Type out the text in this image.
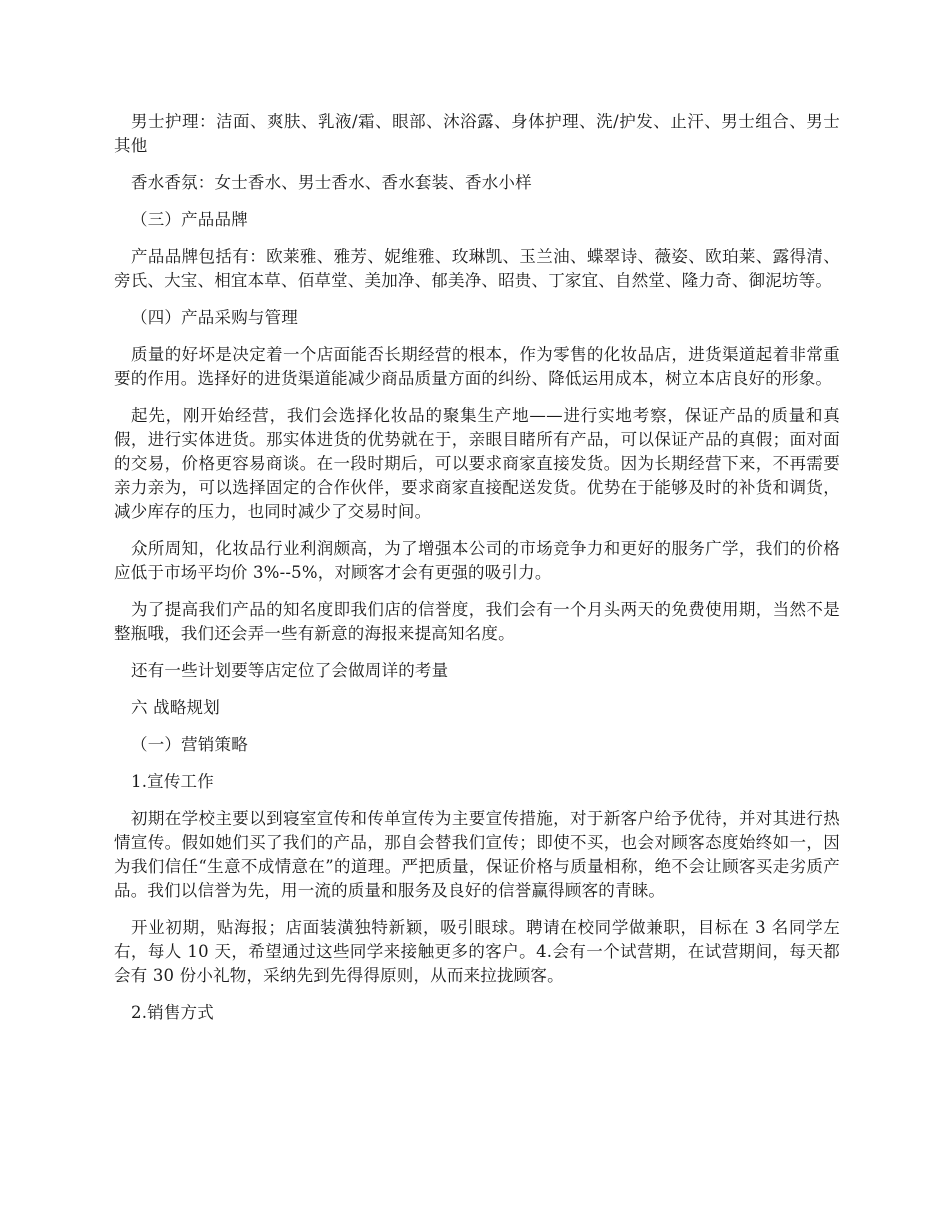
男士护理：洁面、爽肤、乳液/霜、眼部、沐浴露、身体护理、洗/护发、止汗、男士组合、男士其他

香水香氛：女士香水、男士香水、香水套装、香水小样

（三）产品品牌

产品品牌包括有：欧莱雅、雅芳、妮维雅、玫琳凯、玉兰油、蝶翠诗、薇姿、欧珀莱、露得清、旁氏、大宝、相宜本草、佰草堂、美加净、郁美净、昭贵、丁家宜、自然堂、隆力奇、御泥坊等。

（四）产品采购与管理

质量的好坏是决定着一个店面能否长期经营的根本，作为零售的化妆品店，进货渠道起着非常重要的作用。选择好的进货渠道能减少商品质量方面的纠纷、降低运用成本，树立本店良好的形象。

起先，刚开始经营，我们会选择化妆品的聚集生产地——进行实地考察，保证产品的质量和真假，进行实体进货。那实体进货的优势就在于，亲眼目睹所有产品，可以保证产品的真假；面对面的交易，价格更容易商谈。在一段时期后，可以要求商家直接发货。因为长期经营下来，不再需要亲力亲为，可以选择固定的合作伙伴，要求商家直接配送发货。优势在于能够及时的补货和调货，减少库存的压力，也同时减少了交易时间。

众所周知，化妆品行业利润颇高，为了增强本公司的市场竞争力和更好的服务广学，我们的价格应低于市场平均价 3%--5%，对顾客才会有更强的吸引力。

为了提高我们产品的知名度即我们店的信誉度，我们会有一个月头两天的免费使用期，当然不是整瓶哦，我们还会弄一些有新意的海报来提高知名度。

还有一些计划要等店定位了会做周详的考量

六 战略规划

（一）营销策略

1.宣传工作

初期在学校主要以到寝室宣传和传单宣传为主要宣传措施，对于新客户给予优待，并对其进行热情宣传。假如她们买了我们的产品，那自会替我们宣传；即使不买，也会对顾客态度始终如一，因为我们信任“生意不成情意在”的道理。严把质量，保证价格与质量相称，绝不会让顾客买走劣质产品。我们以信誉为先，用一流的质量和服务及良好的信誉赢得顾客的青睐。

开业初期，贴海报；店面装潢独特新颖，吸引眼球。聘请在校同学做兼职，目标在 3 名同学左右，每人 10 天，希望通过这些同学来接触更多的客户。4.会有一个试营期，在试营期间，每天都会有 30 份小礼物，采纳先到先得得原则，从而来拉拢顾客。

2.销售方式
